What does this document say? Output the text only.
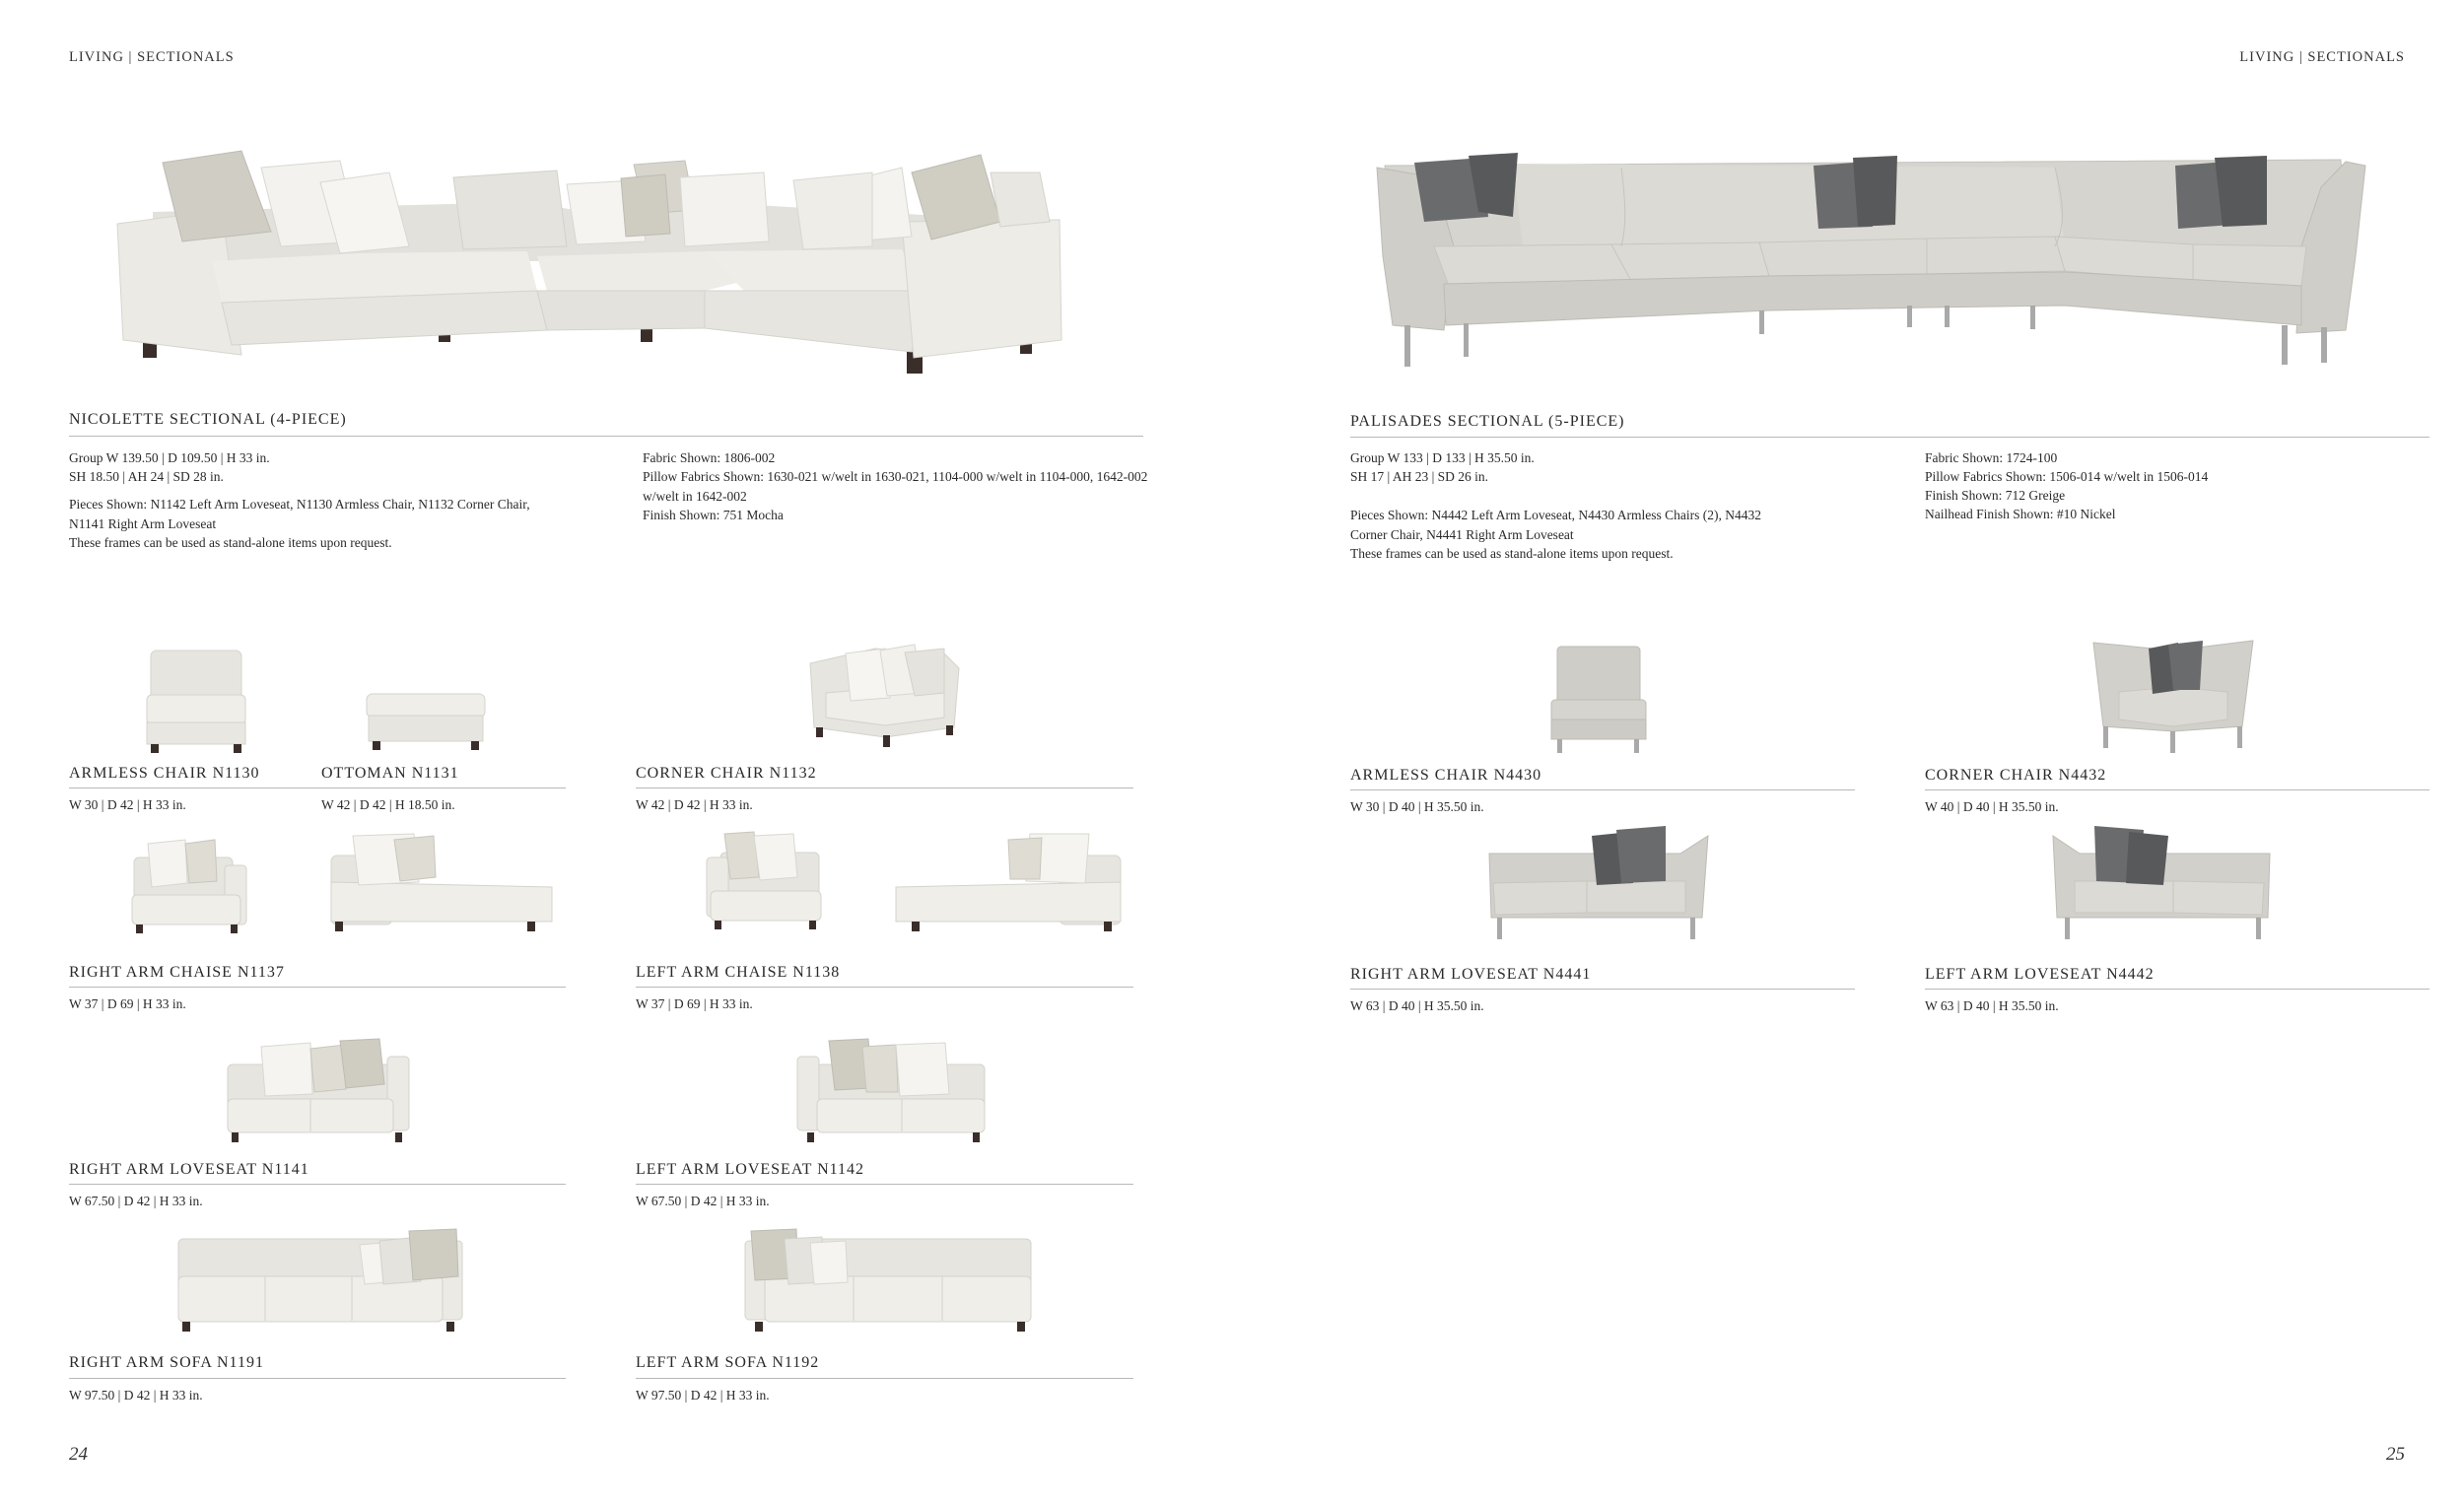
LIVING | SECTIONALS	LIVING | SECTIONALS
24	25
NICOLETTE SECTIONAL (4-PIECE)
Group W 139.50 | D 109.50 | H 33 in.
SH 18.50 | AH 24 | SD 28 in.
Pieces Shown: N1142 Left Arm Loveseat, N1130 Armless Chair, N1132 Corner Chair, N1141 Right Arm Loveseat
These frames can be used as stand-alone items upon request.
Fabric Shown: 1806-002
Pillow Fabrics Shown: 1630-021 w/welt in 1630-021, 1104-000 w/welt in 1104-000, 1642-002 w/welt in 1642-002
Finish Shown: 751 Mocha
ARMLESS CHAIR N1130	OTTOMAN N1131	CORNER CHAIR N1132
W 30 | D 42 | H 33 in.	W 42 | D 42 | H 18.50 in.	W 42 | D 42 | H 33 in.
RIGHT ARM CHAISE N1137	LEFT ARM CHAISE N1138
W 37 | D 69 | H 33 in.	W 37 | D 69 | H 33 in.
RIGHT ARM LOVESEAT N1141	LEFT ARM LOVESEAT N1142
W 67.50 | D 42 | H 33 in.	W 67.50 | D 42 | H 33 in.
RIGHT ARM SOFA N1191	LEFT ARM SOFA N1192
W 97.50 | D 42 | H 33 in.	W 97.50 | D 42 | H 33 in.
PALISADES SECTIONAL (5-PIECE)
Group W 133 | D 133 | H 35.50 in.
SH 17 | AH 23 | SD 26 in.
Pieces Shown: N4442 Left Arm Loveseat, N4430 Armless Chairs (2), N4432 Corner Chair, N4441 Right Arm Loveseat
These frames can be used as stand-alone items upon request.
Fabric Shown: 1724-100
Pillow Fabrics Shown: 1506-014 w/welt in 1506-014
Finish Shown: 712 Greige
Nailhead Finish Shown: #10 Nickel
ARMLESS CHAIR N4430	CORNER CHAIR N4432
W 30 | D 40 | H 35.50 in.	W 40 | D 40 | H 35.50 in.
RIGHT ARM LOVESEAT N4441	LEFT ARM LOVESEAT N4442
W 63 | D 40 | H 35.50 in.	W 63 | D 40 | H 35.50 in.
